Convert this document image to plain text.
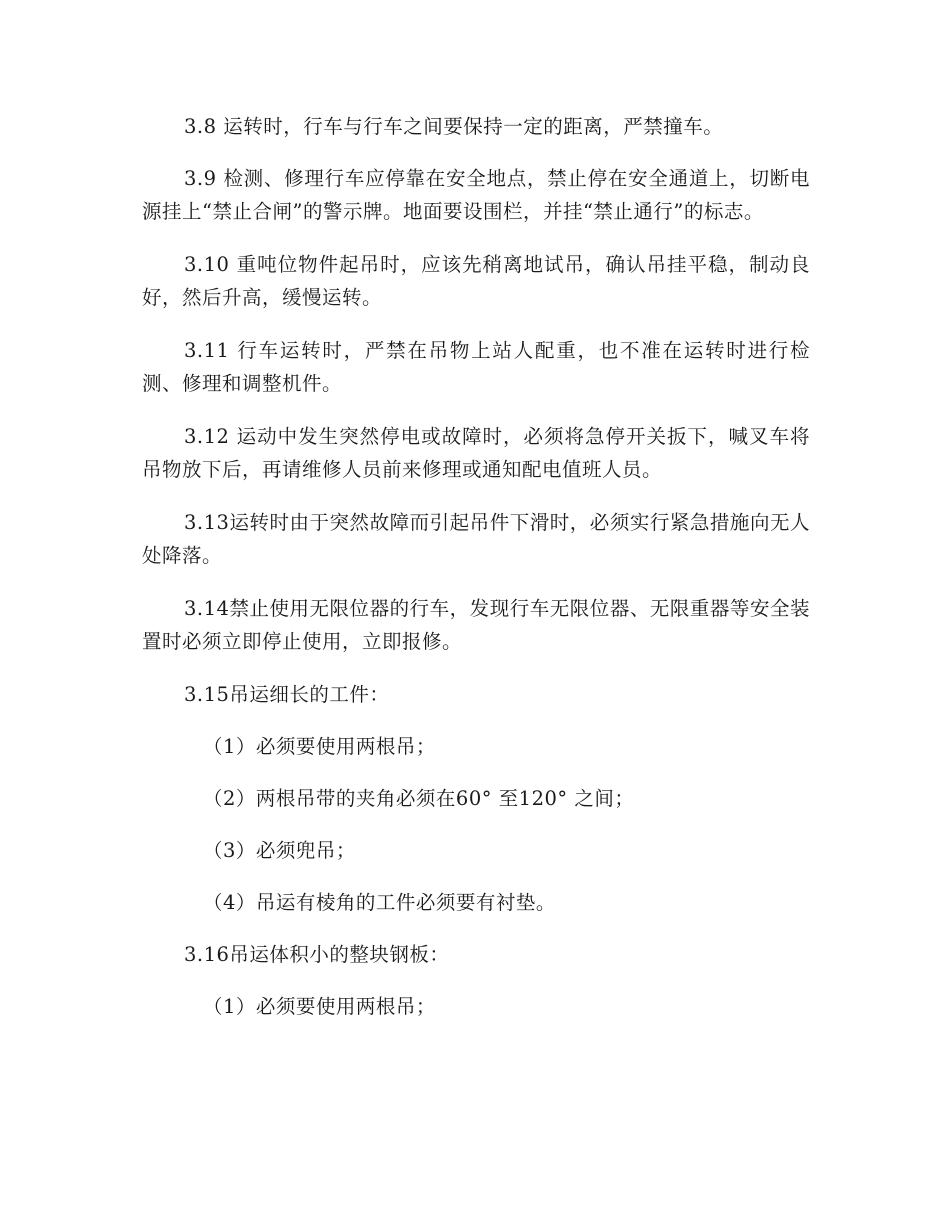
3.8 运转时，行车与行车之间要保持一定的距离，严禁撞车。

3.9 检测、修理行车应停靠在安全地点，禁止停在安全通道上，切断电源挂上“禁止合闸”的警示牌。地面要设围栏，并挂“禁止通行”的标志。

3.10 重吨位物件起吊时，应该先稍离地试吊，确认吊挂平稳，制动良好，然后升高，缓慢运转。

3.11 行车运转时，严禁在吊物上站人配重，也不准在运转时进行检测、修理和调整机件。

3.12 运动中发生突然停电或故障时，必须将急停开关扳下，喊叉车将吊物放下后，再请维修人员前来修理或通知配电值班人员。

3.13运转时由于突然故障而引起吊件下滑时，必须实行紧急措施向无人处降落。

3.14禁止使用无限位器的行车，发现行车无限位器、无限重器等安全装置时必须立即停止使用，立即报修。

3.15吊运细长的工件：

（1）必须要使用两根吊；

（2）两根吊带的夹角必须在60° 至120° 之间；

（3）必须兜吊；

（4）吊运有棱角的工件必须要有衬垫。

3.16吊运体积小的整块钢板：

（1）必须要使用两根吊；
